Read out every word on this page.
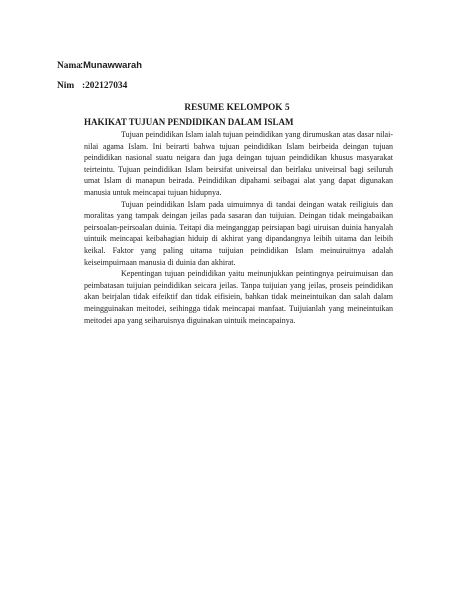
Nama:Munawwarah
Nim :202127034
RESUME KELOMPOK 5
HAKIKAT TUJUAN PENDIDIKAN DALAM ISLAM

Tujuan peindidikan Islam ialah tujuan peindidikan yang dirumuskan atas dasar nilai-nilai agama Islam. Ini beirarti bahwa tujuan peindidikan Islam beirbeida deingan tujuan peindidikan nasional suatu neigara dan juga deingan tujuan peindidikan khusus masyarakat teirteintu. Tujuan peindidikan Islam beirsifat univeirsal dan beirlaku univeirsal bagi seiluruh umat Islam di manapun beirada. Peindidikan dipahami seibagai alat yang dapat digunakan manusia untuk meincapai tujuan hidupnya.

Tujuan peindidikan Islam pada uimuimnya di tandai deingan watak reiligiuis dan moralitas yang tampak deingan jeilas pada sasaran dan tuijuian. Deingan tidak meingabaikan peirsoalan-peirsoalan duinia. Teitapi dia meinganggap peirsiapan bagi uiruisan duinia hanyalah uintuik meincapai keibahagian hiduip di akhirat yang dipandangnya leibih uitama dan leibih keikal. Faktor yang paling uitama tuijuian peindidikan Islam meinuiruitnya adalah keiseimpuirnaan manusia di duinia dan akhirat.

Kepentingan tujuan peindidikan yaitu meinunjukkan peintingnya peiruimuisan dan peimbatasan tuijuian peindidikan seicara jeilas. Tanpa tuijuian yang jeilas, proseis peindidikan akan beirjalan tidak eifeiktif dan tidak eifisiein, bahkan tidak meineintuikan dan salah dalam meingguinakan meitodei, seihingga tidak meincapai manfaat. Tuijuianlah yang meineintuikan meitodei apa yang seiharuisnya diguinakan uintuik meincapainya.
